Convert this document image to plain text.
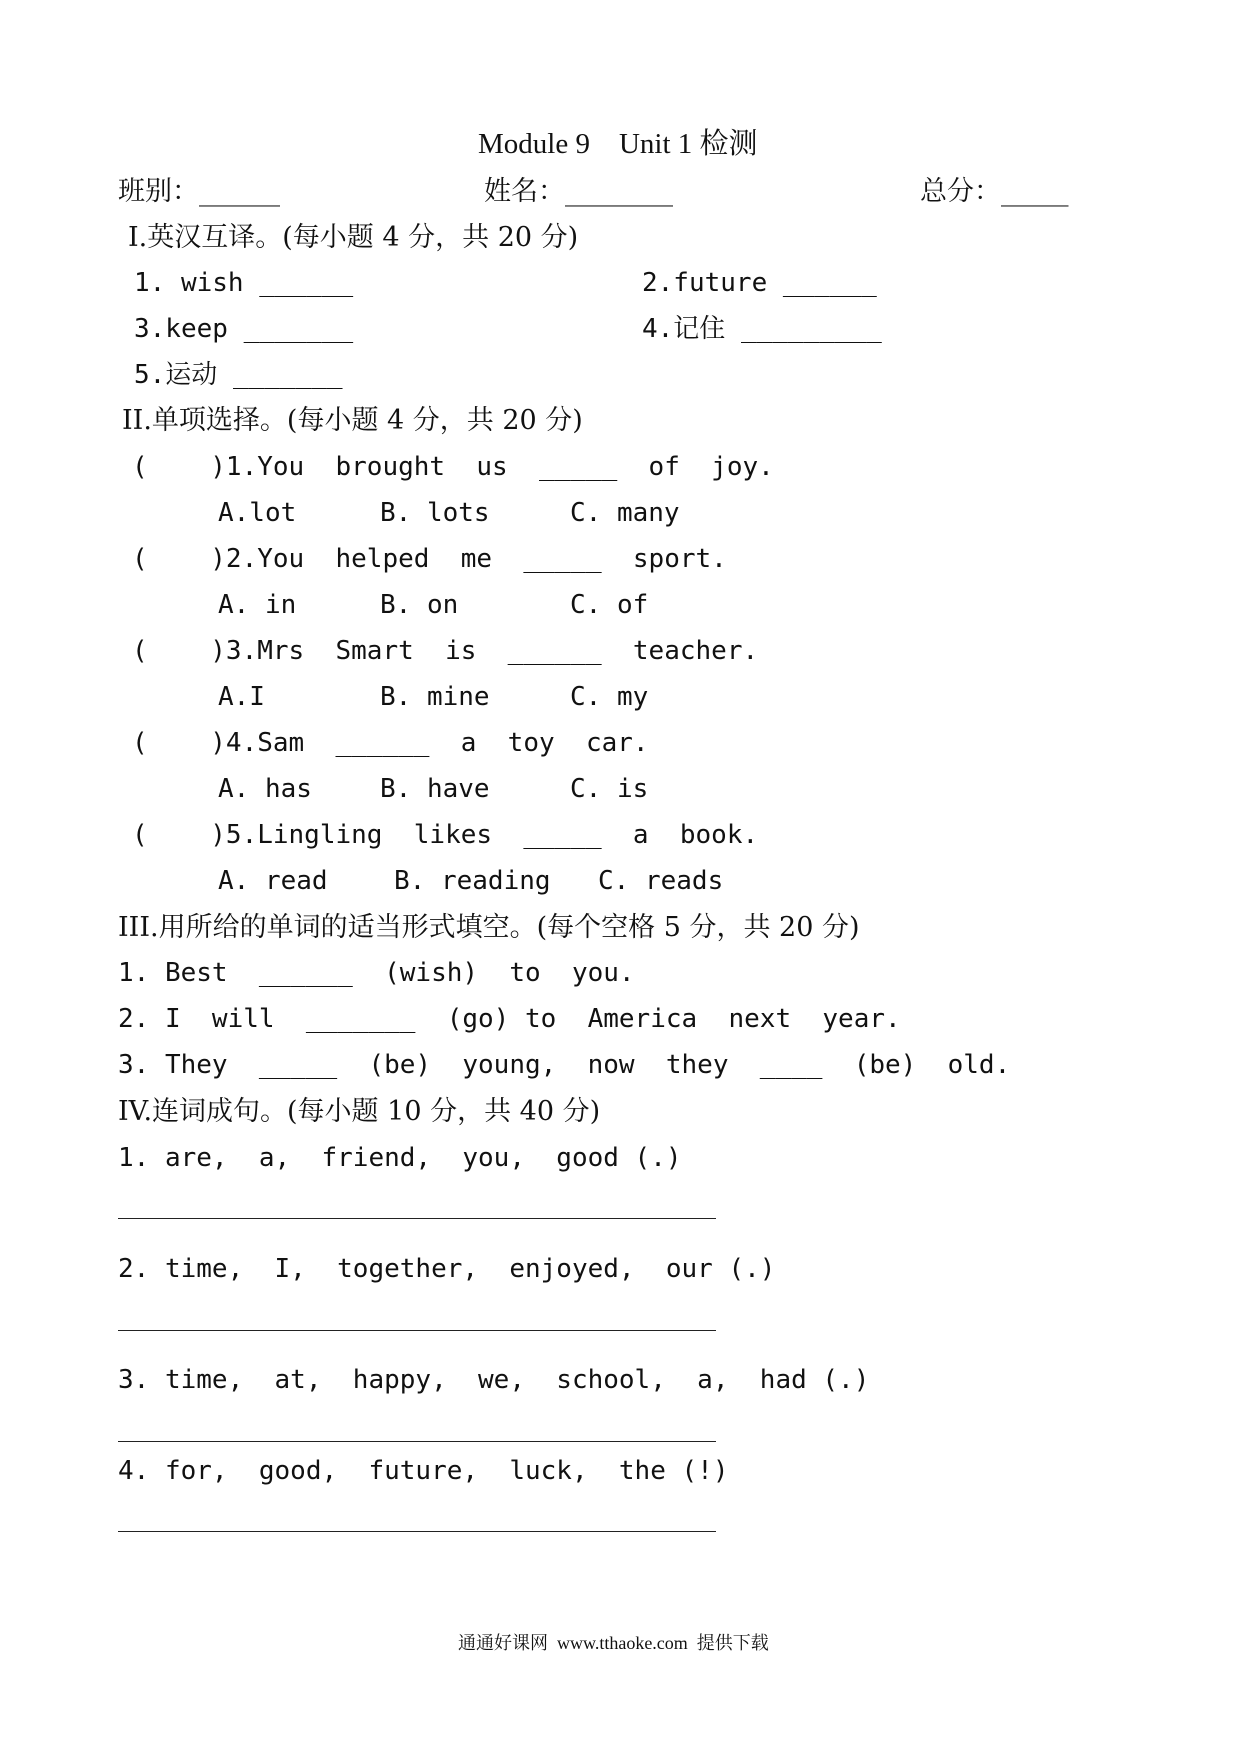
Module 9　Unit 1 检测
班别：______	姓名：________	总分：_____
Ⅰ.英汉互译。(每小题 4 分，共 20 分)
1. wish ______	2.future ______
3.keep _______	4.记住 _________
5.运动 _______
II.单项选择。(每小题 4 分，共 20 分)
(    )1.You  brought  us  _____  of  joy.
A.lot	B. lots	C. many
(    )2.You  helped  me  _____  sport.
A. in	B. on	C. of
(    )3.Mrs  Smart  is  ______  teacher.
A.I	B. mine	C. my
(    )4.Sam  ______  a  toy  car.
A. has	B. have	C. is
(    )5.Lingling  likes  _____  a  book.
A. read	B. reading C. reads
III.用所给的单词的适当形式填空。(每个空格 5 分，共 20 分)
1. Best  ______  (wish)  to  you.
2. I  will  _______  (go) to  America  next  year.
3. They  _____  (be)  young,  now  they  ____  (be)  old.
IV.连词成句。(每小题 10 分，共 40 分)
1. are,  a,  friend,  you,  good (.)
2. time,  I,  together,  enjoyed,  our (.)
3. time,  at,  happy,  we,  school,  a,  had (.)
4. for,  good,  future,  luck,  the (!)
通通好课网  www.tthaoke.com  提供下载
